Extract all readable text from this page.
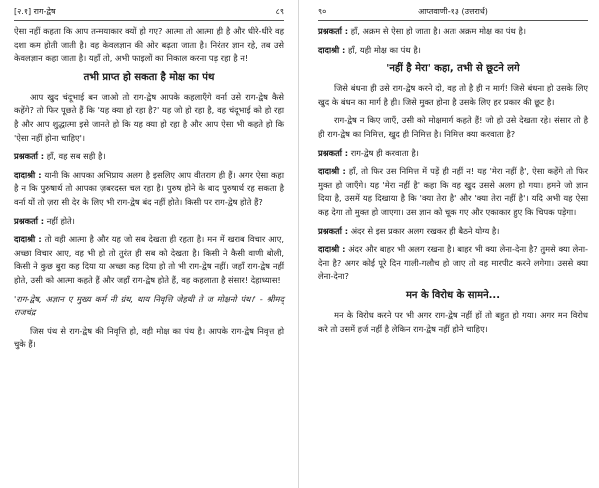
[२.१] राग-द्वेष	८९

ऐसा नहीं कहता कि आप तन्मयाकार क्यों हो गए? आत्मा तो आत्मा ही है और धीरे-धीरे वह दशा कम होती जाती है। वह केवलज्ञान की ओर बढ़ता जाता है। निरंतर ज्ञान रहे, तब उसे केवलज्ञान कहा जाता है। यहाँ तो, अभी फाइलों का निकाल करना पड़ रहा है न!

तभी प्राप्त हो सकता है मोक्ष का पंथ

आप खुद चंदूभाई बन जाओ तो राग-द्वेष आपके कहलाएँगे वर्ना उसे राग-द्वेष कैसे कहेंगे? तो फिर पूछते हैं कि 'यह क्या हो रहा है?' यह जो हो रहा है, वह चंदूभाई को हो रहा है और आप शुद्धात्मा इसे जानते हो कि यह क्या हो रहा है और आप ऐसा भी कहते हो कि 'ऐसा नहीं होना चाहिए'।

प्रश्नकर्ता : हाँ, वह सब सही है।

दादाश्री : यानी कि आपका अभिप्राय अलग है इसलिए आप वीतराग ही हैं। अगर ऐसा कहा है न कि पुरुषार्थ तो आपका ज़बरदस्त चल रहा है। पुरुष होने के बाद पुरुषार्थ रह सकता है वर्ना यों तो ज़रा सी देर के लिए भी राग-द्वेष बंद नहीं होते। किसी पर राग-द्वेष होते हैं?

प्रश्नकर्ता : नहीं होते।

दादाश्री : तो वही आत्मा है और यह जो सब देखता ही रहता है। मन में खराब विचार आए, अच्छा विचार आए, वह भी हो तो तुरंत ही सब को देखता है। किसी ने कैसी वाणी बोली, किसी ने कुछ बुरा कह दिया या अच्छा कह दिया हो तो भी राग-द्वेष नहीं। जहाँ राग-द्वेष नहीं होते, उसी को आत्मा कहते हैं और जहाँ राग-द्वेष होते हैं, वह कहलाता है संसार! देहाध्यास!

'राग-द्वेष, अज्ञान ए मुख्य कर्म नी ग्रंथ, थाय निवृत्ति जेहथी ते ज मोक्षनो पंथ।' - श्रीमद् राजचंद्र

जिस पंथ से राग-द्वेष की निवृत्ति हो, वही मोक्ष का पंथ है। आपके राग-द्वेष निवृत्त हो चुके हैं।

९०	आप्तवाणी-१३ (उत्तरार्ध)

प्रश्नकर्ता : हाँ, अक्रम से ऐसा हो जाता है। अतः अक्रम मोक्ष का पंथ है।

दादाश्री : हाँ, यही मोक्ष का पंथ है।

'नहीं है मेरा' कहा, तभी से छूटने लगे

जिसे बंधना ही उसे राग-द्वेष करने दो, वह तो है ही न मार्ग! जिसे बंधना हो उसके लिए खुद के बंधन का मार्ग है ही। जिसे मुक्त होना है उसके लिए हर प्रकार की छूट है।

राग-द्वेष न किए जाएँ, उसी को मोक्षमार्ग कहते हैं! जो हो उसे देखता रहे। संसार तो है ही राग-द्वेष का निमित्त, खुद ही निमित्त है। निमित्त क्या करवाता है?

प्रश्नकर्ता : राग-द्वेष ही करवाता है।

दादाश्री : हाँ, तो फिर उस निमित्त में पड़ें ही नहीं न! यह 'मेरा नहीं है', ऐसा कहेंगे तो फिर मुक्त हो जाएँगे। यह 'मेरा नहीं है' कहा कि वह खुद उससे अलग हो गया। हमने जो ज्ञान दिया है, उसमें यह दिखाया है कि 'क्या तेरा है' और 'क्या तेरा नहीं है'। यदि अभी यह ऐसा कह देगा तो मुक्त हो जाएगा। उस ज्ञान को चूक गए और एकाकार हुए कि चिपक पड़ेगा।

प्रश्नकर्ता : अंदर से इस प्रकार अलग रखकर ही बैठने योग्य है।

दादाश्री : अंदर और बाहर भी अलग रखना है। बाहर भी क्या लेना-देना है? तुमसे क्या लेना-देना है? अगर कोई पूरे दिन गाली-गलौच हो जाए तो वह मारपीट करने लगेगा। उससे क्या लेना-देना?

मन के विरोध के सामने...

मन के विरोध करने पर भी अगर राग-द्वेष नहीं हों तो बहुत हो गया। अगर मन विरोध करे तो उसमें हर्ज नहीं है लेकिन राग-द्वेष नहीं होने चाहिए।
